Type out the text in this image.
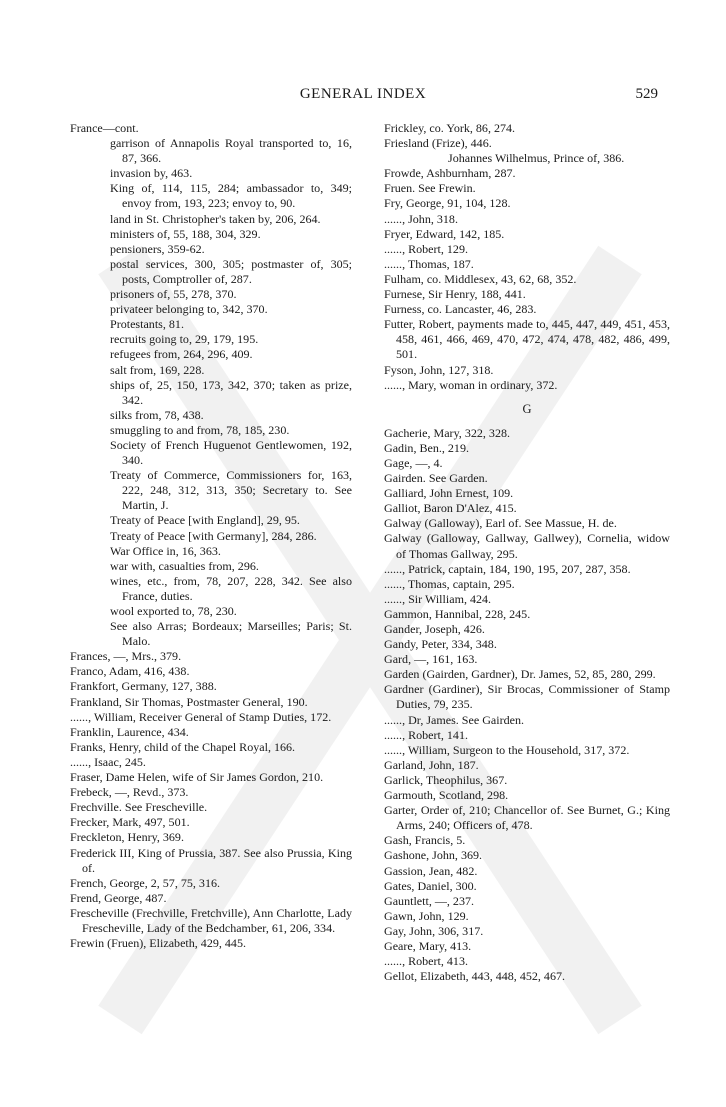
GENERAL INDEX	529
France—cont.
garrison of Annapolis Royal transported to, 16, 87, 366.
invasion by, 463.
King of, 114, 115, 284; ambassador to, 349; envoy from, 193, 223; envoy to, 90.
land in St. Christopher's taken by, 206, 264.
ministers of, 55, 188, 304, 329.
pensioners, 359-62.
postal services, 300, 305; postmaster of, 305; posts, Comptroller of, 287.
prisoners of, 55, 278, 370.
privateer belonging to, 342, 370.
Protestants, 81.
recruits going to, 29, 179, 195.
refugees from, 264, 296, 409.
salt from, 169, 228.
ships of, 25, 150, 173, 342, 370; taken as prize, 342.
silks from, 78, 438.
smuggling to and from, 78, 185, 230.
Society of French Huguenot Gentlewomen, 192, 340.
Treaty of Commerce, Commissioners for, 163, 222, 248, 312, 313, 350; Secretary to. See Martin, J.
Treaty of Peace [with England], 29, 95.
Treaty of Peace [with Germany], 284, 286.
War Office in, 16, 363.
war with, casualties from, 296.
wines, etc., from, 78, 207, 228, 342. See also France, duties.
wool exported to, 78, 230.
See also Arras; Bordeaux; Marseilles; Paris; St. Malo.
Frances, —, Mrs., 379.
Franco, Adam, 416, 438.
Frankfort, Germany, 127, 388.
Frankland, Sir Thomas, Postmaster General, 190.
......, William, Receiver General of Stamp Duties, 172.
Franklin, Laurence, 434.
Franks, Henry, child of the Chapel Royal, 166.
......, Isaac, 245.
Fraser, Dame Helen, wife of Sir James Gordon, 210.
Frebeck, —, Revd., 373.
Frechville. See Frescheville.
Frecker, Mark, 497, 501.
Freckleton, Henry, 369.
Frederick III, King of Prussia, 387. See also Prussia, King of.
French, George, 2, 57, 75, 316.
Frend, George, 487.
Frescheville (Frechville, Fretchville), Ann Charlotte, Lady Frescheville, Lady of the Bedchamber, 61, 206, 334.
Frewin (Fruen), Elizabeth, 429, 445.
Frickley, co. York, 86, 274.
Friesland (Frize), 446.
Johannes Wilhelmus, Prince of, 386.
Frowde, Ashburnham, 287.
Fruen. See Frewin.
Fry, George, 91, 104, 128.
......, John, 318.
Fryer, Edward, 142, 185.
......, Robert, 129.
......, Thomas, 187.
Fulham, co. Middlesex, 43, 62, 68, 352.
Furnese, Sir Henry, 188, 441.
Furness, co. Lancaster, 46, 283.
Futter, Robert, payments made to, 445, 447, 449, 451, 453, 458, 461, 466, 469, 470, 472, 474, 478, 482, 486, 499, 501.
Fyson, John, 127, 318.
......, Mary, woman in ordinary, 372.
G
Gacherie, Mary, 322, 328.
Gadin, Ben., 219.
Gage, —, 4.
Gairden. See Garden.
Galliard, John Ernest, 109.
Galliot, Baron D'Alez, 415.
Galway (Galloway), Earl of. See Massue, H. de.
Galway (Galloway, Gallway, Gallwey), Cornelia, widow of Thomas Gallway, 295.
......, Patrick, captain, 184, 190, 195, 207, 287, 358.
......, Thomas, captain, 295.
......, Sir William, 424.
Gammon, Hannibal, 228, 245.
Gander, Joseph, 426.
Gandy, Peter, 334, 348.
Gard, —, 161, 163.
Garden (Gairden, Gardner), Dr. James, 52, 85, 280, 299.
Gardner (Gardiner), Sir Brocas, Commissioner of Stamp Duties, 79, 235.
......, Dr, James. See Gairden.
......, Robert, 141.
......, William, Surgeon to the Household, 317, 372.
Garland, John, 187.
Garlick, Theophilus, 367.
Garmouth, Scotland, 298.
Garter, Order of, 210; Chancellor of. See Burnet, G.; King Arms, 240; Officers of, 478.
Gash, Francis, 5.
Gashone, John, 369.
Gassion, Jean, 482.
Gates, Daniel, 300.
Gauntlett, —, 237.
Gawn, John, 129.
Gay, John, 306, 317.
Geare, Mary, 413.
......, Robert, 413.
Gellot, Elizabeth, 443, 448, 452, 467.
